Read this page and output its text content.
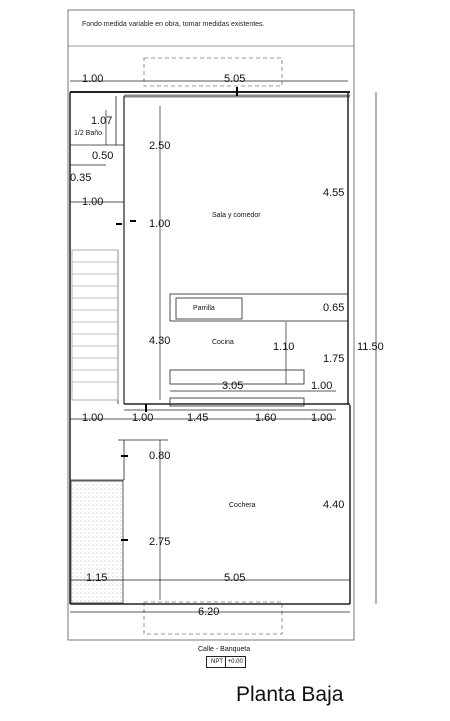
Fondo medida variable en obra, tomar medidas existentes.
1/2 Baño
Sala y comedor
Parrilla
Cocina
Cochera
1.00	5.05
1.07
0.50
0.35
2.50
4.55
1.00
1.00
0.65
4.30	1.10
1.75
11.50
3.05	1.00
1.00	1.00	1.45	1.60	1.00
0.80
4.40
2.75
1.15	5.05
6.20
Calle - Banqueta
NPT +0.00
Planta Baja
